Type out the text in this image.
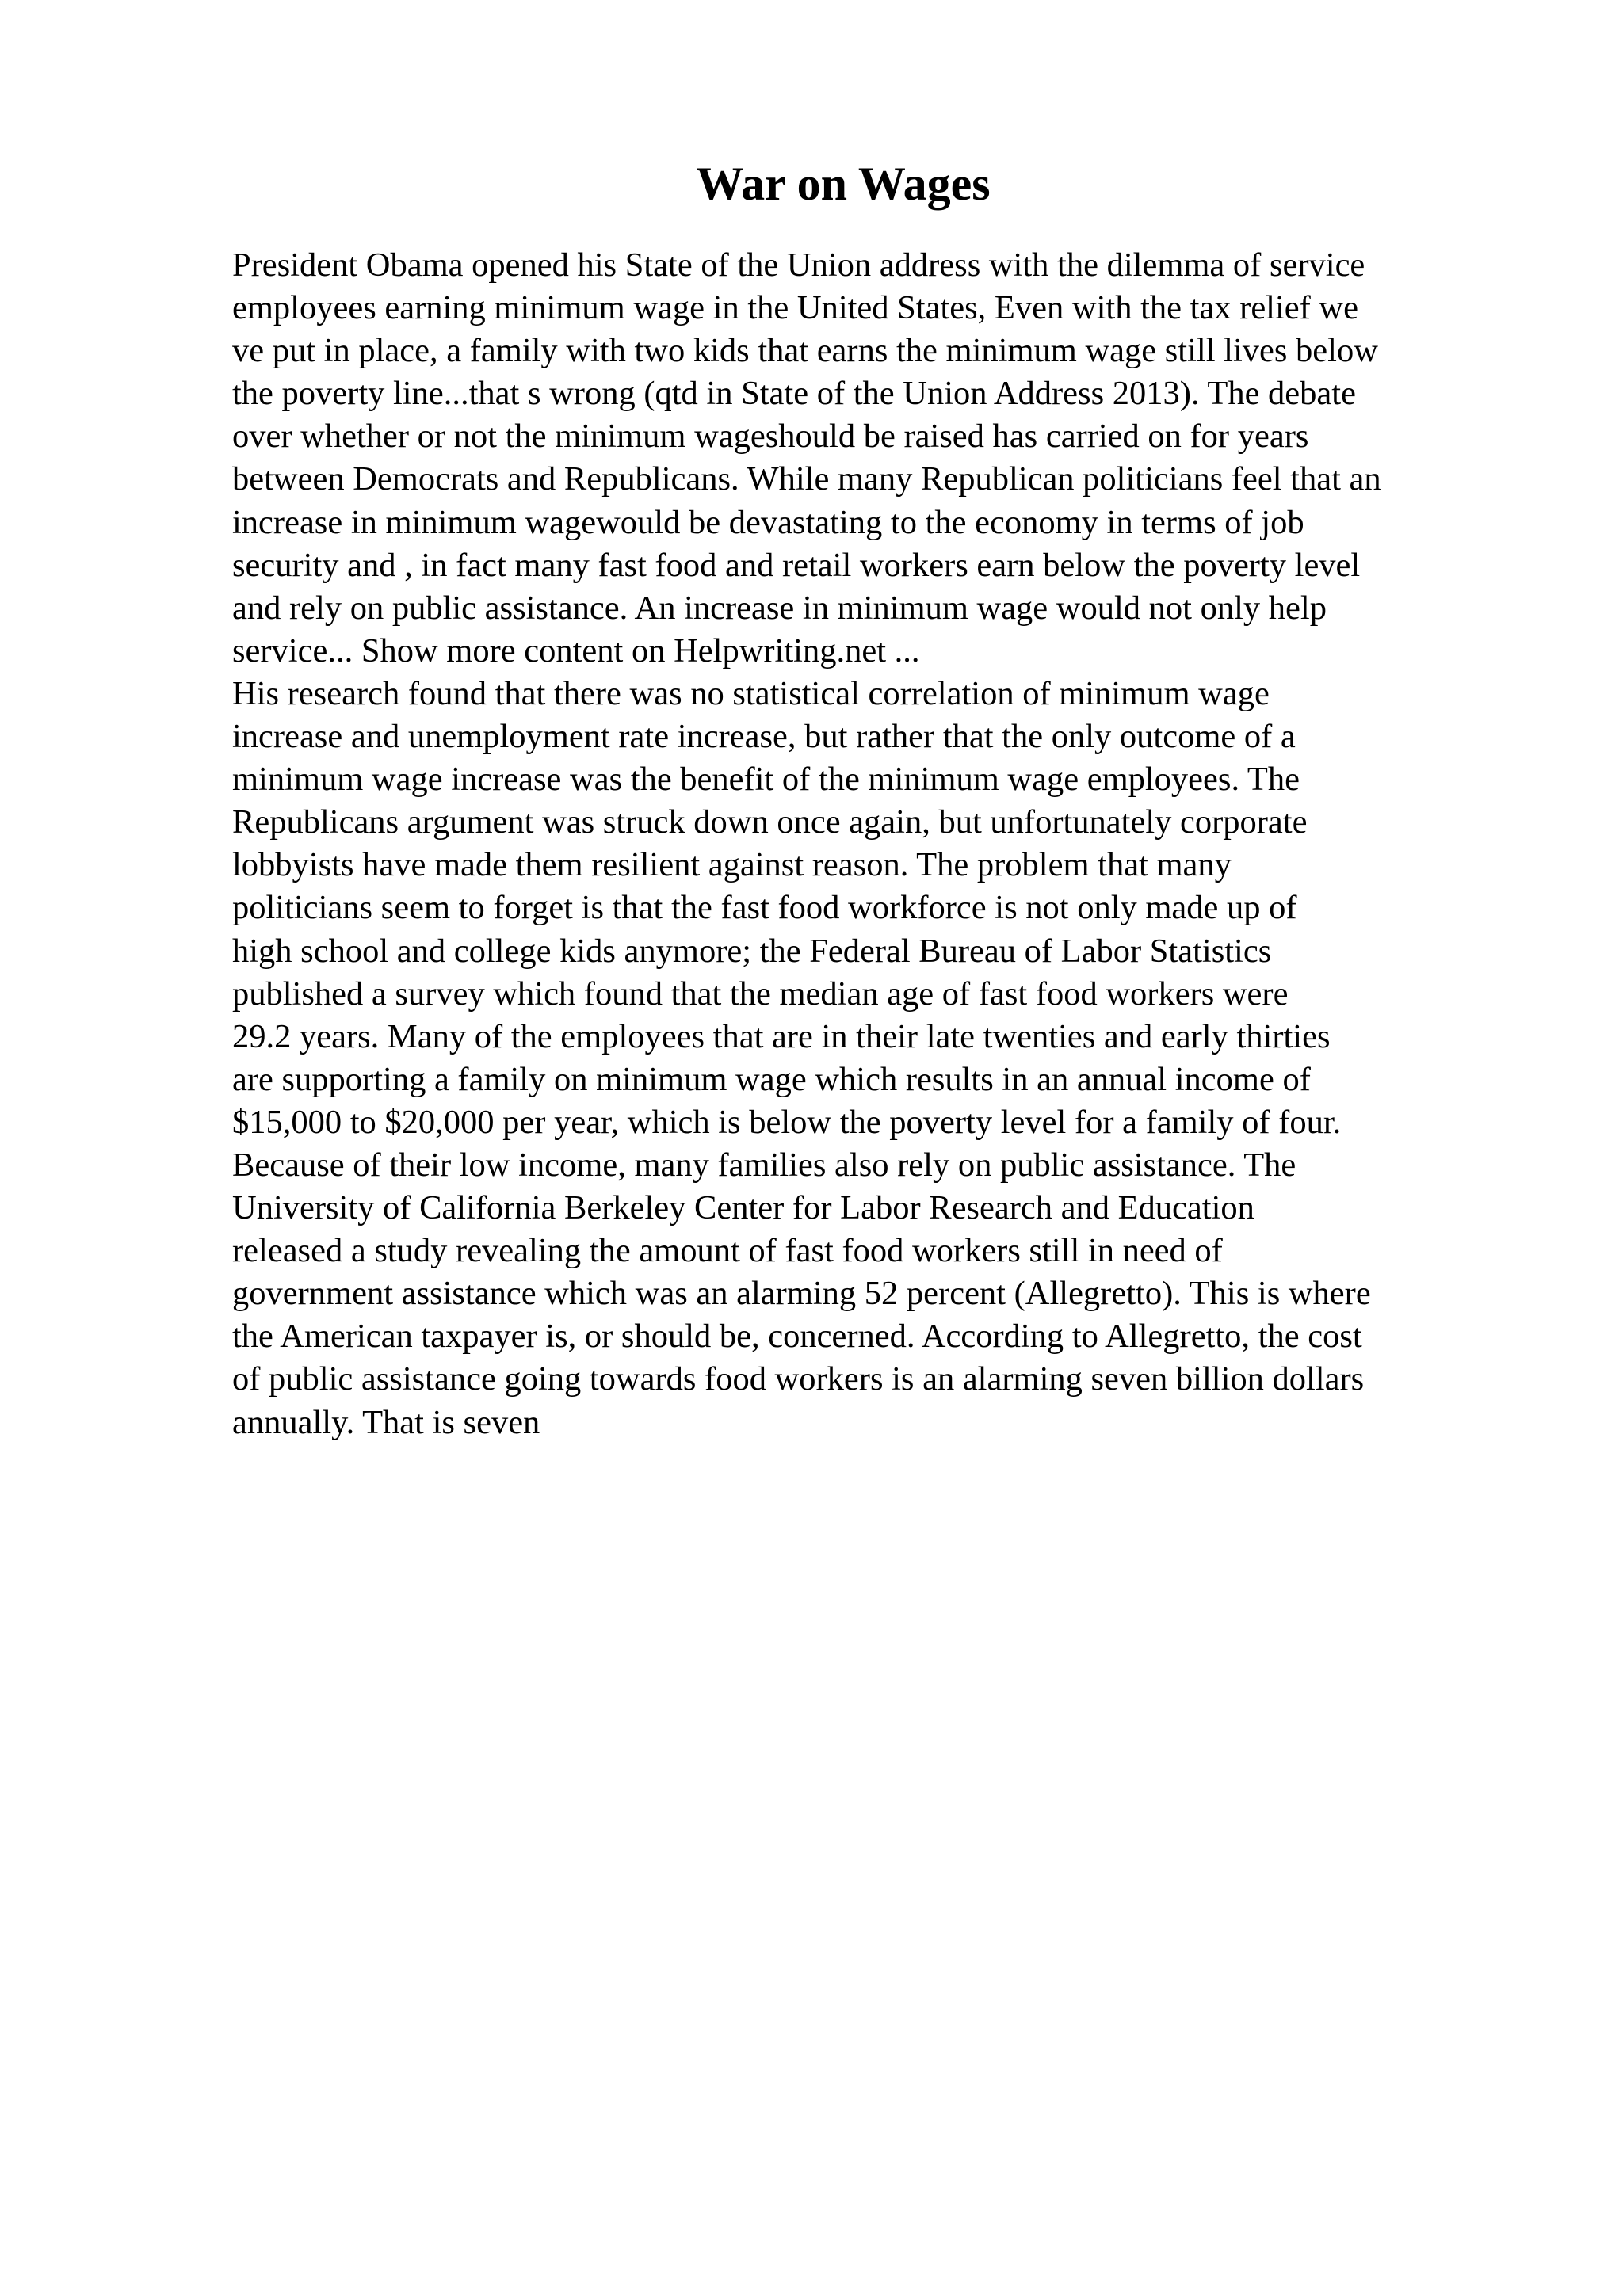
War on Wages
President Obama opened his State of the Union address with the dilemma of service
employees earning minimum wage in the United States, Even with the tax relief we
ve put in place, a family with two kids that earns the minimum wage still lives below
the poverty line...that s wrong (qtd in State of the Union Address 2013). The debate
over whether or not the minimum wageshould be raised has carried on for years
between Democrats and Republicans. While many Republican politicians feel that an
increase in minimum wagewould be devastating to the economy in terms of job
security and , in fact many fast food and retail workers earn below the poverty level
and rely on public assistance. An increase in minimum wage would not only help
service... Show more content on Helpwriting.net ...
His research found that there was no statistical correlation of minimum wage
increase and unemployment rate increase, but rather that the only outcome of a
minimum wage increase was the benefit of the minimum wage employees. The
Republicans argument was struck down once again, but unfortunately corporate
lobbyists have made them resilient against reason. The problem that many
politicians seem to forget is that the fast food workforce is not only made up of
high school and college kids anymore; the Federal Bureau of Labor Statistics
published a survey which found that the median age of fast food workers were
29.2 years. Many of the employees that are in their late twenties and early thirties
are supporting a family on minimum wage which results in an annual income of
$15,000 to $20,000 per year, which is below the poverty level for a family of four.
Because of their low income, many families also rely on public assistance. The
University of California Berkeley Center for Labor Research and Education
released a study revealing the amount of fast food workers still in need of
government assistance which was an alarming 52 percent (Allegretto). This is where
the American taxpayer is, or should be, concerned. According to Allegretto, the cost
of public assistance going towards food workers is an alarming seven billion dollars
annually. That is seven
